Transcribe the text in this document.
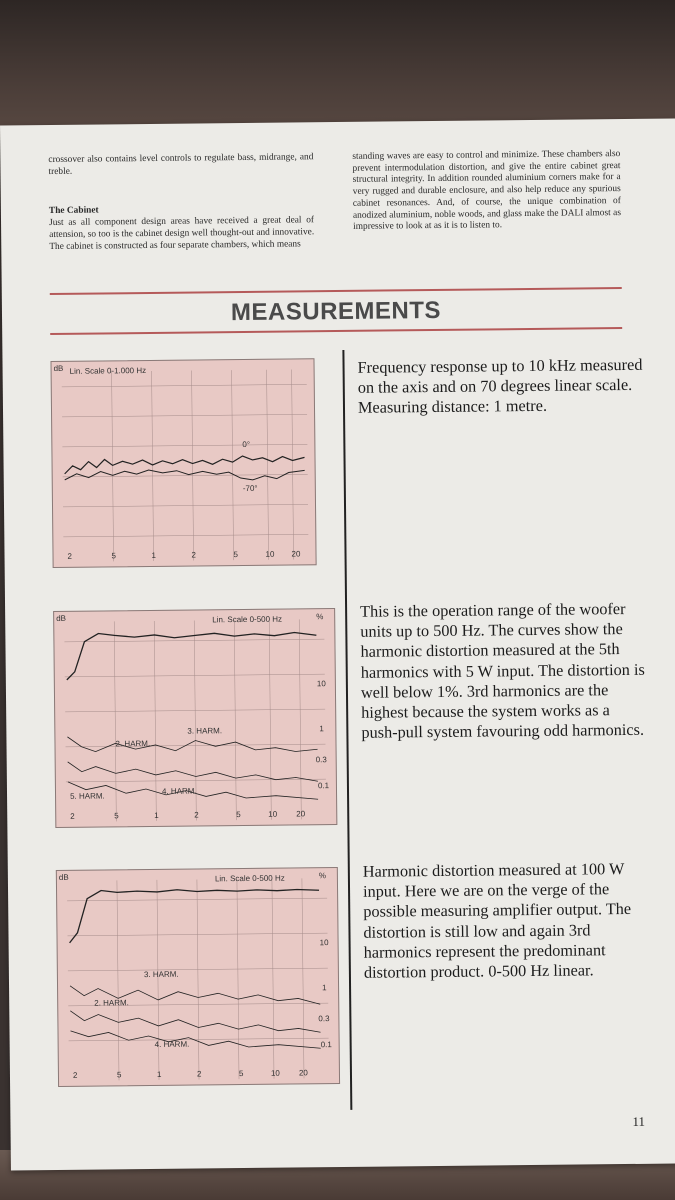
crossover also contains level controls to regulate bass, midrange, and treble.

The Cabinet

Just as all component design areas have received a great deal of attension, so too is the cabinet design well thought-out and innovative. The cabinet is constructed as four separate chambers, which means

standing waves are easy to control and minimize. These chambers also prevent intermodulation distortion, and give the entire cabinet great structural integrity. In addition rounded aluminium corners make for a very rugged and durable enclosure, and also help reduce any spurious cabinet resonances. And, of course, the unique combination of anodized aluminium, noble woods, and glass make the DALI almost as impressive to look at as it is to listen to.

MEASUREMENTS
dB Lin. Scale 0-1.000 Hz
0°
-70°
2	5	1	2	5	10 20
Frequency response up to 10 kHz measured on the axis and on 70 degrees linear scale. Measuring distance: 1 metre.
dB	Lin. Scale 0-500 Hz	%
10
1
0.3
0.1
2. HARM.
3. HARM.
4. HARM.
5. HARM.
2	5	1	2	5	10 20
This is the operation range of the woofer units up to 500 Hz. The curves show the harmonic distortion measured at the 5th harmonics with 5 W input. The distortion is well below 1%. 3rd harmonics are the highest because the system works as a push-pull system favouring odd harmonics.
dB	Lin. Scale 0-500 Hz	%
10
1
0.3
0.1
3. HARM.
2. HARM.
4. HARM.
2	5	1	2	5	10 20
Harmonic distortion measured at 100 W input. Here we are on the verge of the possible measuring amplifier output. The distortion is still low and again 3rd harmonics represent the predominant distortion product. 0-500 Hz linear.
11
